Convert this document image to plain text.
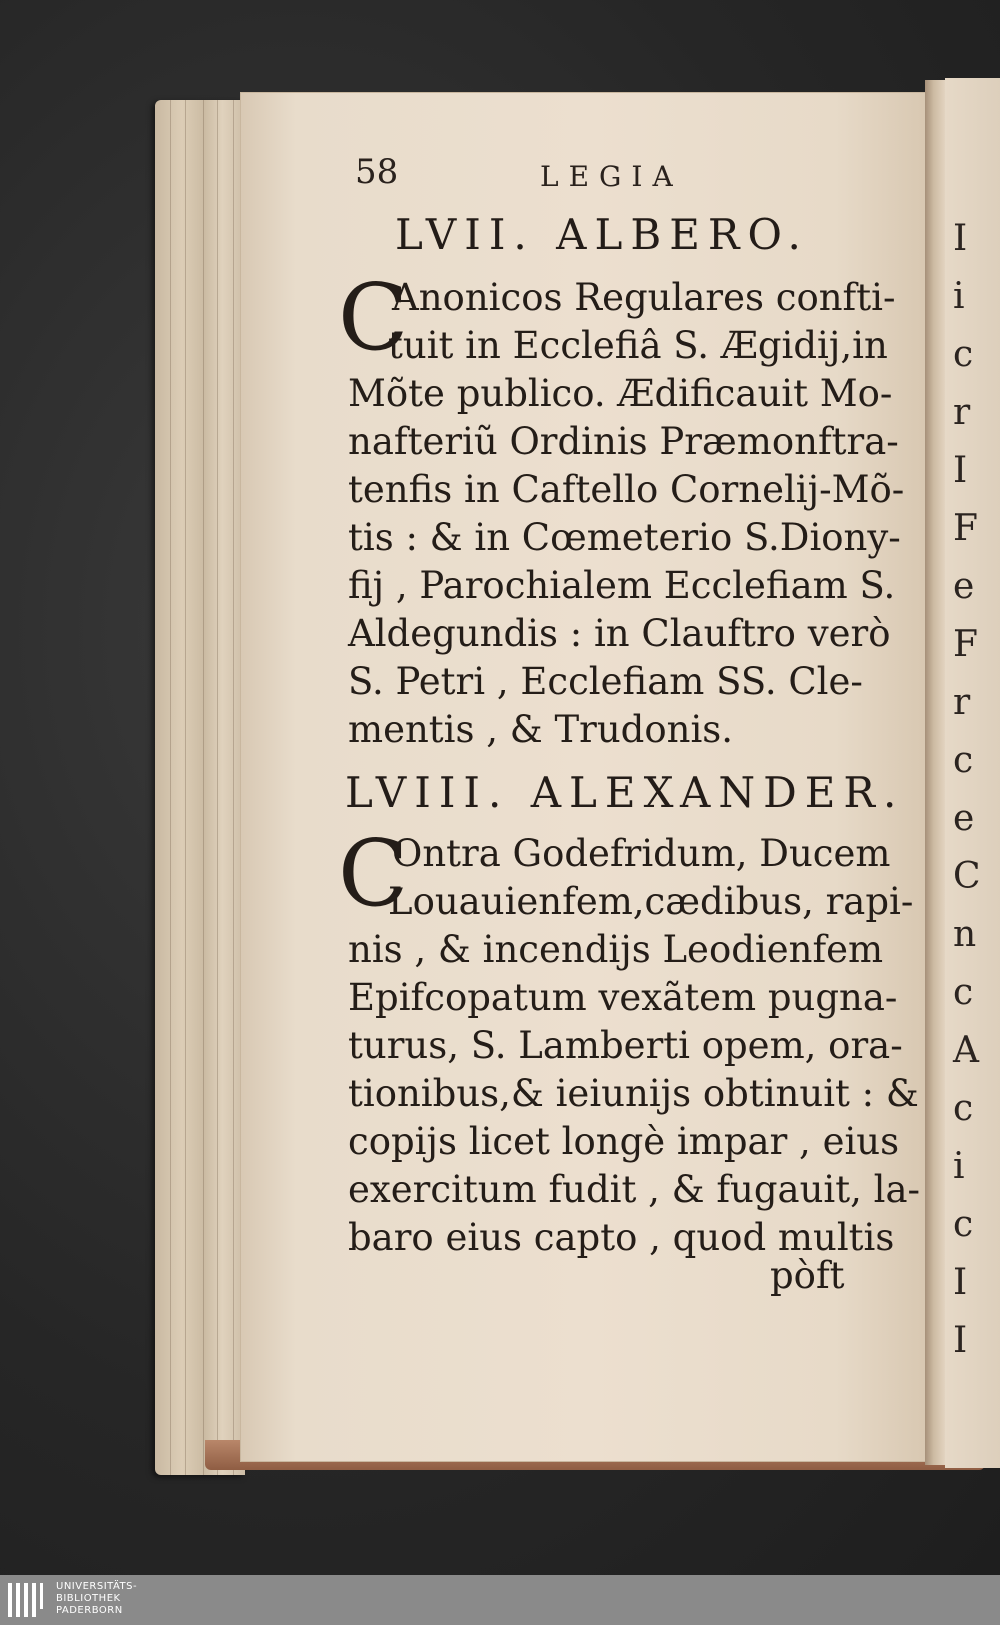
I
i
c
r
I
F
e
F
r
c
e
C
n
c
A
c
i
c
I
I
58	LEGIA
LVII. ALBERO.
C
Anonicos Regulares confti-
tuit in Ecclefiâ S. Ægidij,in
Mõte publico. Ædificauit Mo-
nafteriũ Ordinis Præmonftra-
tenfis in Caftello Cornelij-Mõ-
tis : & in Cœmeterio S.Diony-
fij , Parochialem Ecclefiam S.
Aldegundis : in Clauftro verò
S. Petri , Ecclefiam SS. Cle-
mentis , & Trudonis.
LVIII. ALEXANDER.
C
Ontra Godefridum, Ducem
Louauienfem,cædibus, rapi-
nis , & incendijs Leodienfem
Epifcopatum vexãtem pugna-
turus, S. Lamberti opem, ora-
tionibus,& ieiunijs obtinuit : &
copijs licet longè impar , eius
exercitum fudit , & fugauit, la-
baro eius capto , quod multis
pòft
UNIVERSITÄTS-
BIBLIOTHEK
PADERBORN
